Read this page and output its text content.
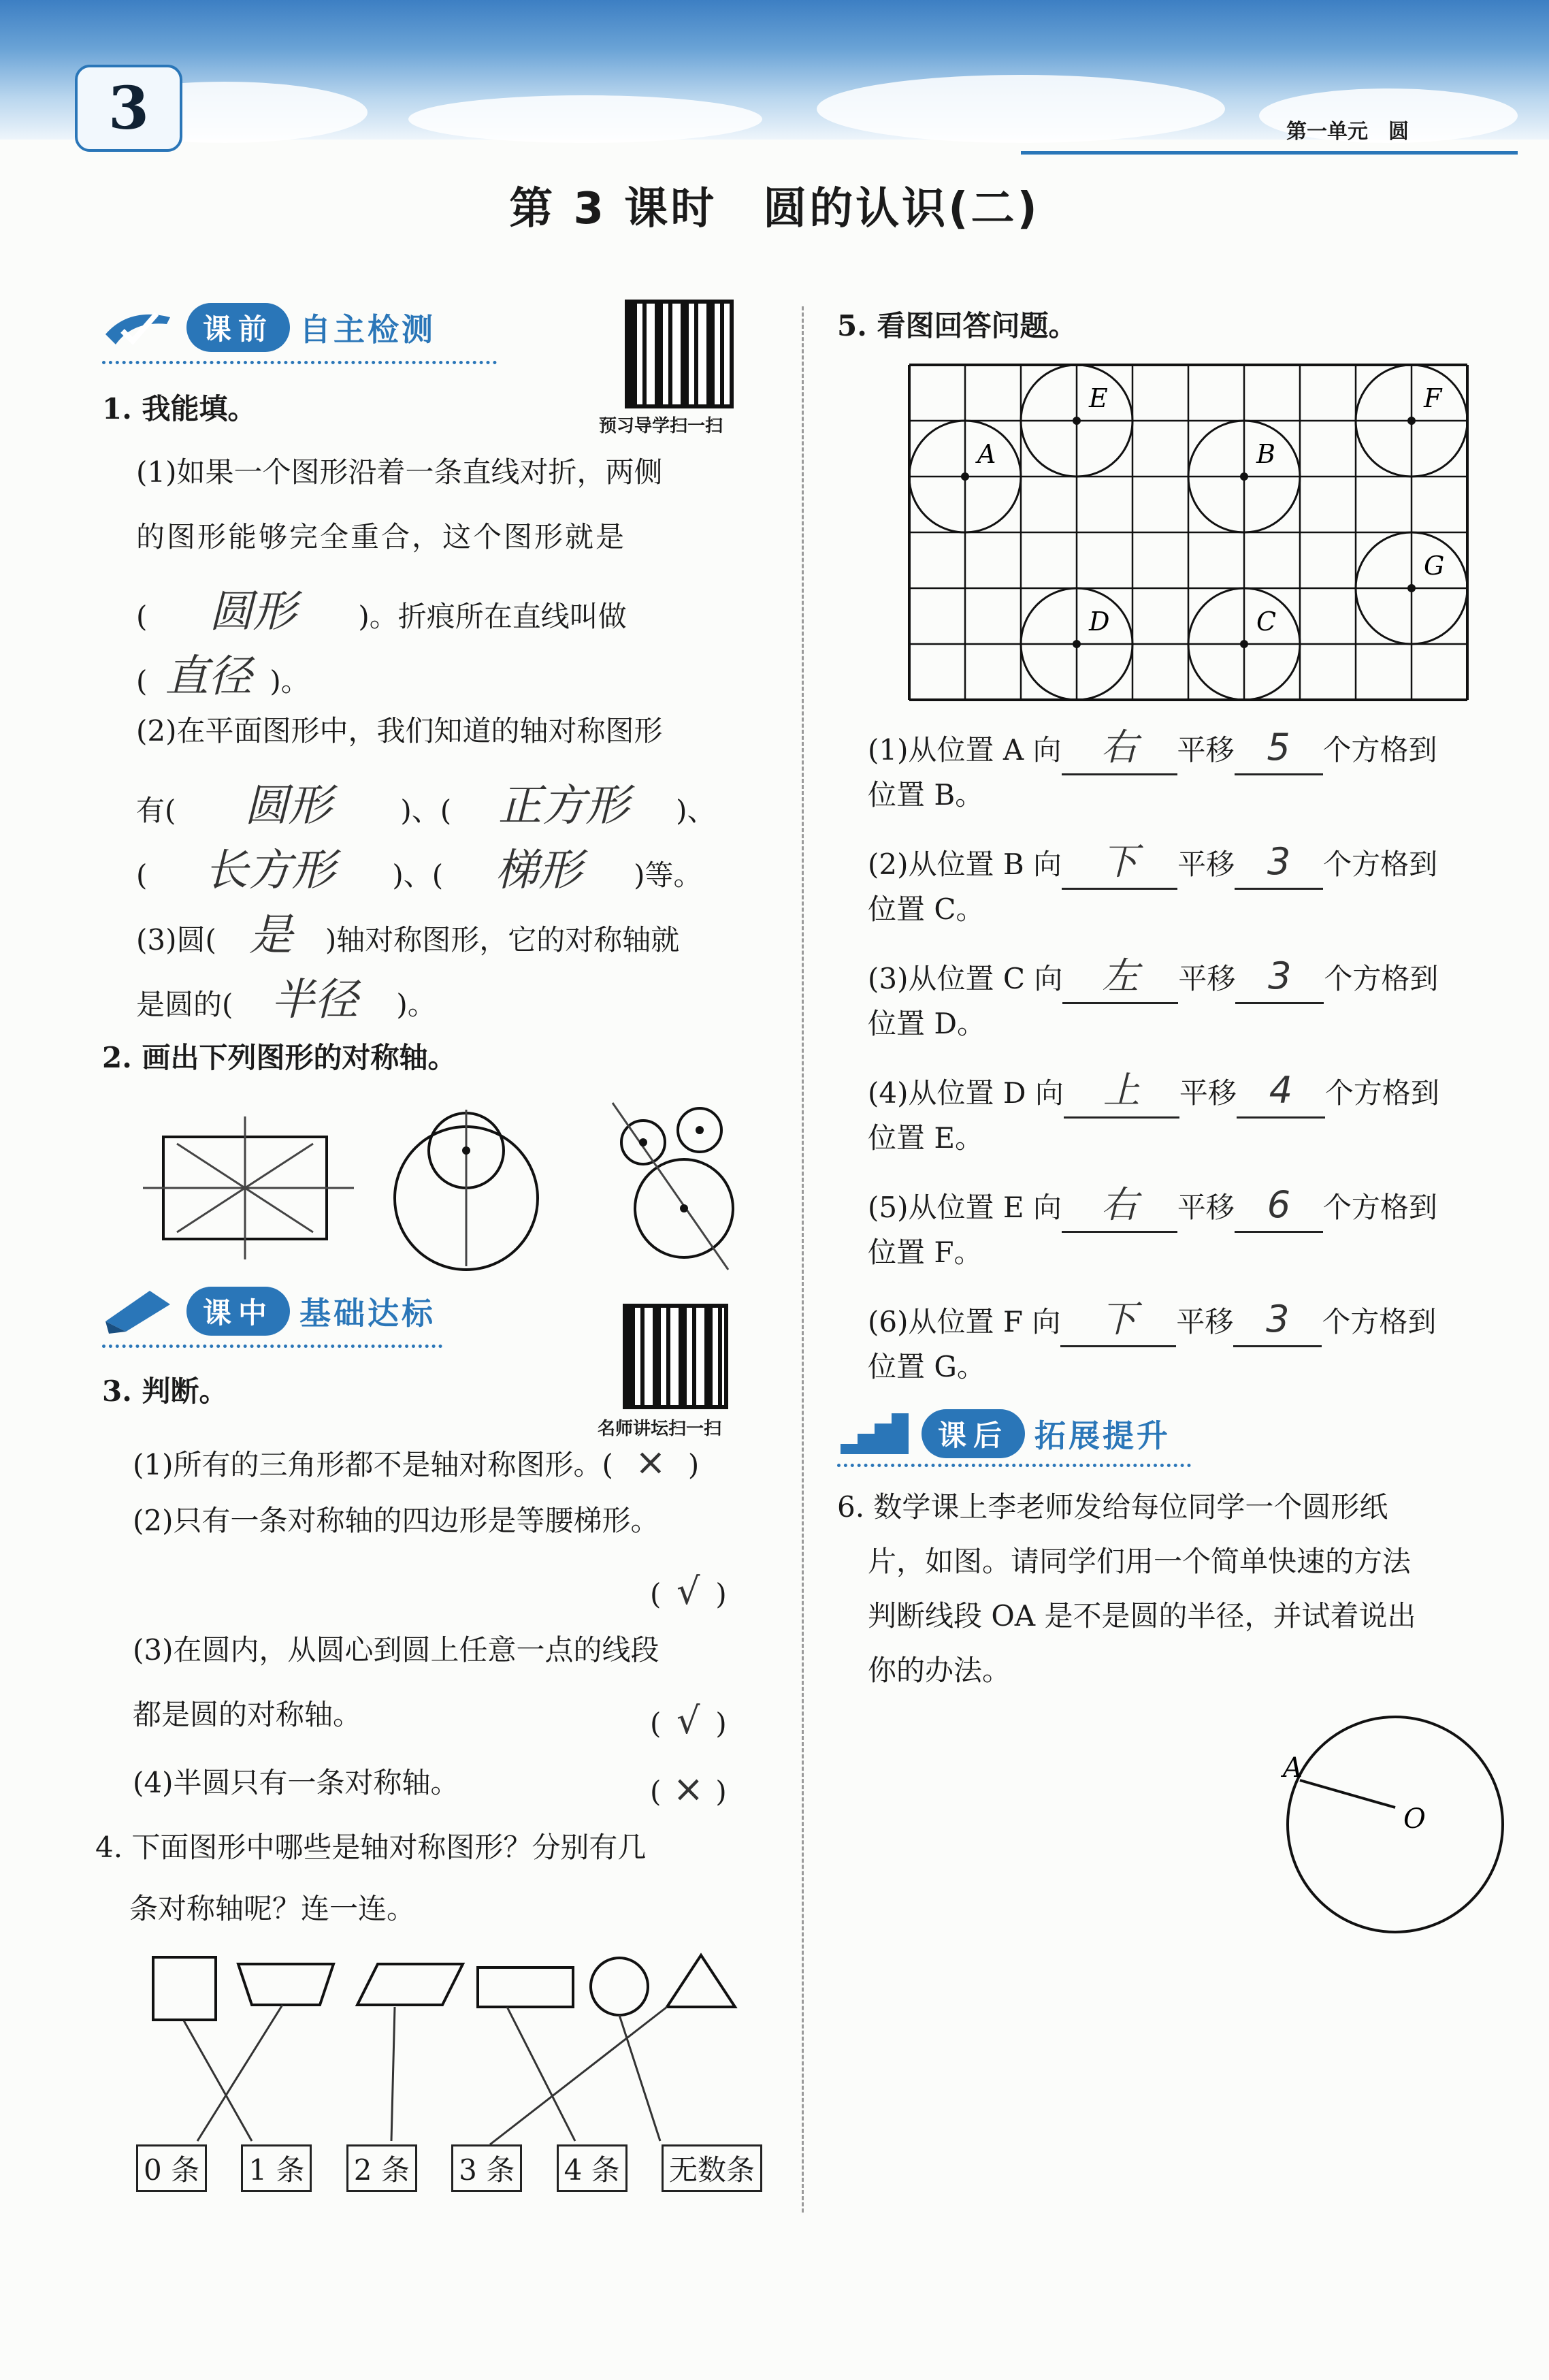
3	第一单元　圆
第 3 课时　圆的认识(二)
课前 自主检测
预习导学扫一扫
1. 我能填。
(1)如果一个图形沿着一条直线对折，两侧
的图形能够完全重合，这个图形就是
( 圆形 )。折痕所在直线叫做
( 直径 )。
(2)在平面图形中，我们知道的轴对称图形
有( 圆形 )、( 正方形 )、
( 长方形 )、( 梯形 )等。
(3)圆( 是 )轴对称图形，它的对称轴就
是圆的( 半径 )。
2. 画出下列图形的对称轴。
课中 基础达标
名师讲坛扫一扫
3. 判断。
(1)所有的三角形都不是轴对称图形。( × )
(2)只有一条对称轴的四边形是等腰梯形。
( √ )
(3)在圆内，从圆心到圆上任意一点的线段
都是圆的对称轴。	( √ )
(4)半圆只有一条对称轴。	( × )
4. 下面图形中哪些是轴对称图形？分别有几
条对称轴呢？连一连。
0 条 1 条 2 条 3 条 4 条 无数条
5. 看图回答问题。
A
E
B
F
G
C
D
(1)从位置 A 向 右 平移 5 个方格到
位置 B。
(2)从位置 B 向 下 平移 3 个方格到
位置 C。
(3)从位置 C 向 左 平移 3 个方格到
位置 D。
(4)从位置 D 向 上 平移 4 个方格到
位置 E。
(5)从位置 E 向 右 平移 6 个方格到
位置 F。
(6)从位置 F 向 下 平移 3 个方格到
位置 G。
课后 拓展提升
6. 数学课上李老师发给每位同学一个圆形纸
片，如图。请同学们用一个简单快速的方法
判断线段 OA 是不是圆的半径，并试着说出
你的办法。
A
O
